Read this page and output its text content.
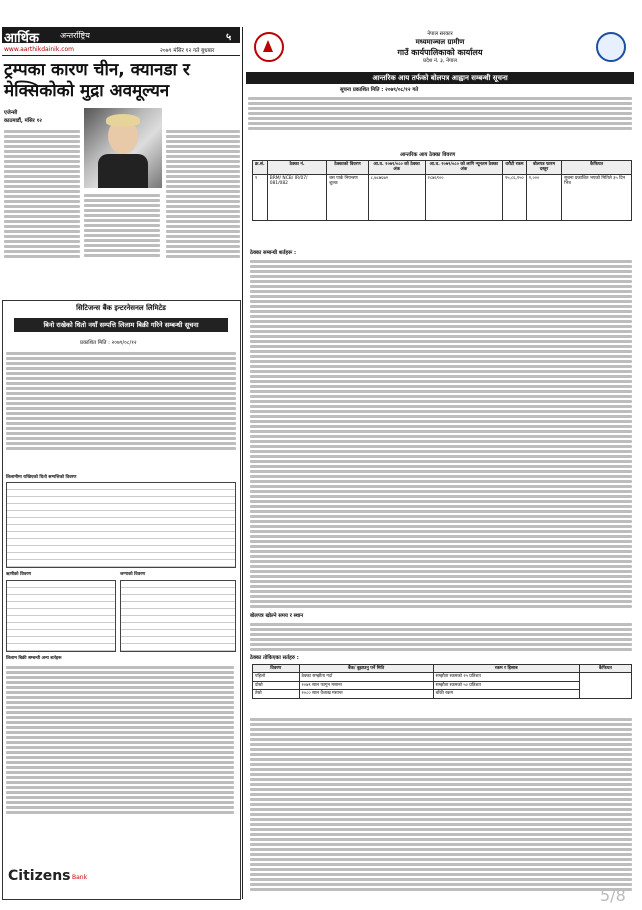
आर्थिक	अन्तर्राष्ट्रिय	५
www.aarthikdainik.com	२०७९ मंसिर १२ गते बुधबार
ट्रम्पका कारण चीन, क्यानडा र मेक्सिकोको मुद्रा अवमूल्यन
एजेन्सी
काठमाडौं, मंसिर १२
सिटिजन्स बैंक इन्टरनेसनल लिमिटेड
बिनो राखेको धितो नयाँ सम्पत्ति लिलाम बिक्री गरिने सम्बन्धी सूचना
प्रकाशित मिति : २०७९/०८/१२
लिलामीमा राखिएको धितो सम्पत्तिको विवरण
ऋणीको विवरण	जग्गाको विवरण
लिलाम बिक्री सम्बन्धी अन्य शर्तहरू
Citizens Bank
नेपाल सरकार
मध्यमाञ्चल ग्रामीण
गाउँ कार्यपालिकाको कार्यालय
प्रदेश नं. ३, नेपाल
आन्तरिक आय तर्फको बोलपत्र आह्वान सम्बन्धी सूचना
सूचना प्रकाशित मिति : २०७९/०८/१२ गते
आन्तरिक आय ठेक्का विवरण
क्र.सं.	ठेक्का नं.	ठेक्काको विवरण	आ.व. २०७९/०८० को ठेक्का अंक	आ.व. २०७९/०८० को लागि न्यूनतम ठेक्का अंक	धरौटी रकम	बोलपत्र फारम दस्तुर	कैफियत
१	BRM/ NCB/ IR/07/ 081/082	बस पार्क नियन्त्रण शुल्क	८,७८७६७२	२८७६९००	१५,८६,१५०	१,०००	सूचना प्रकाशित भएको मितिले ३५ दिन भित्र
ठेक्का सम्बन्धी शर्तहरू :
बोलपत्र खोल्ने समय र स्थान
ठेक्का तोकिएका सर्तहरु :
विवरण	बैंक/ बुझाउनु पर्ने मिति	रकम र हिसाब	कैफियत
पहिलो	ठेक्का सम्झौता गर्दा	सम्झौता रकमको २५ प्रतिशत	
दोस्रो	२०७९ साल फागुन मसान्त	सम्झौता रकमको ५० प्रतिशत	
तेस्रो	२०८० साल वैशाख मसान्त	बाँकी रकम	
5/8
